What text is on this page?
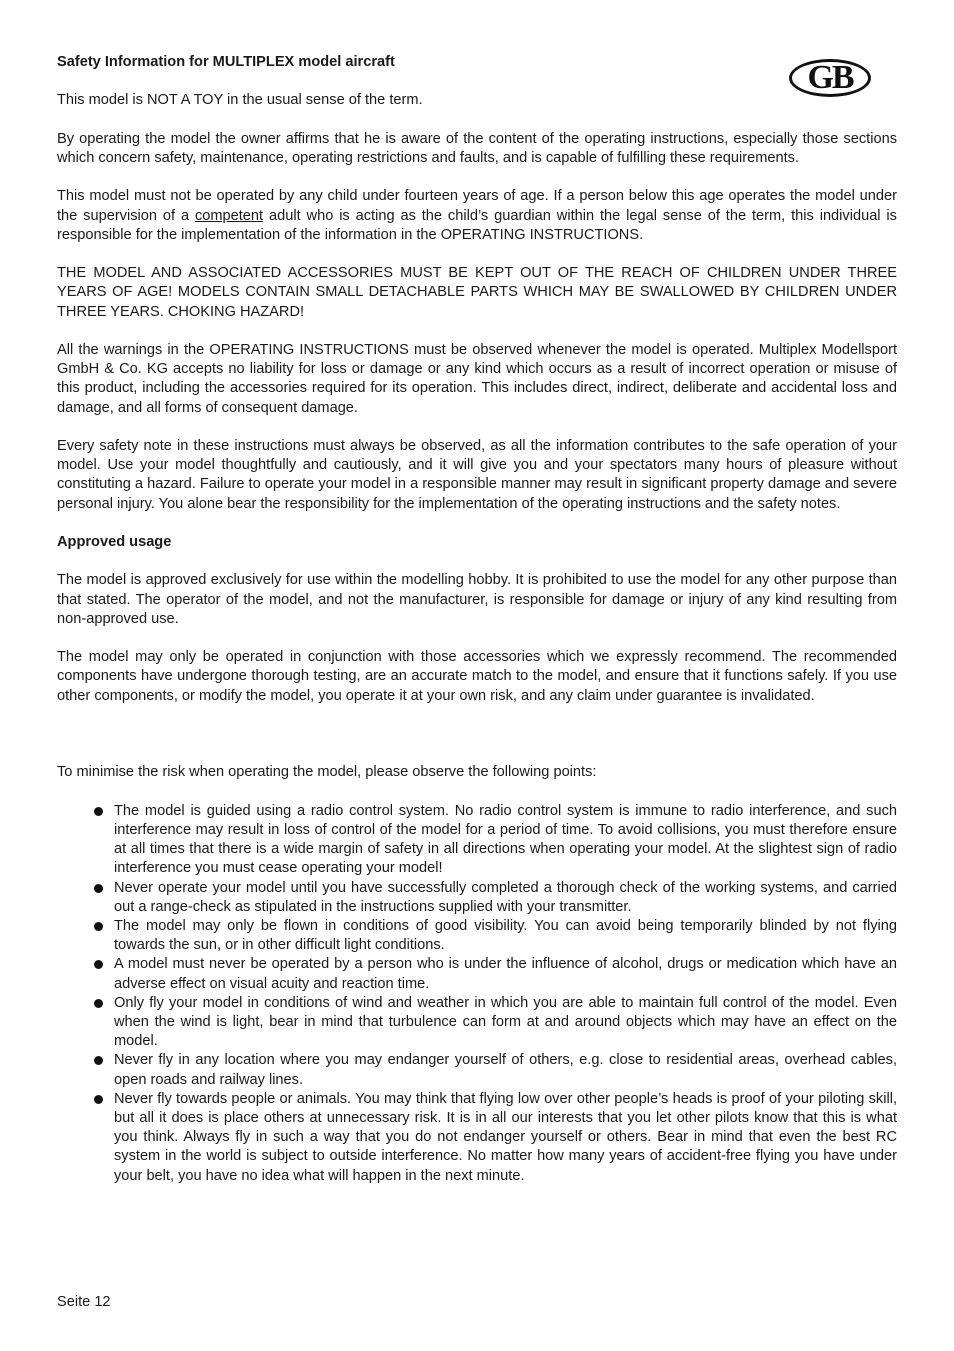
GB
Safety Information for MULTIPLEX model aircraft

This model is NOT A TOY in the usual sense of the term.

By operating the model the owner affirms that he is aware of the content of the operating instructions, especially those sections which concern safety, maintenance, operating restrictions and faults, and is capable of fulfilling these requirements.

This model must not be operated by any child under fourteen years of age. If a person below this age operates the model under the supervision of a competent adult who is acting as the child’s guardian within the legal sense of the term, this individual is responsible for the implementation of the information in the OPERATING INSTRUCTIONS.

THE MODEL AND ASSOCIATED ACCESSORIES MUST BE KEPT OUT OF THE REACH OF CHILDREN UNDER THREE YEARS OF AGE! MODELS CONTAIN SMALL DETACHABLE PARTS WHICH MAY BE SWALLOWED BY CHILDREN UNDER THREE YEARS. CHOKING HAZARD!

All the warnings in the OPERATING INSTRUCTIONS must be observed whenever the model is operated. Multiplex Modellsport GmbH & Co. KG accepts no liability for loss or damage or any kind which occurs as a result of incorrect operation or misuse of this product, including the accessories required for its operation. This includes direct, indirect, deliberate and accidental loss and damage, and all forms of consequent damage.

Every safety note in these instructions must always be observed, as all the information contributes to the safe operation of your model. Use your model thoughtfully and cautiously, and it will give you and your spectators many hours of pleasure without constituting a hazard. Failure to operate your model in a responsible manner may result in significant property damage and severe personal injury. You alone bear the responsibility for the implementation of the operating instructions and the safety notes.

Approved usage

The model is approved exclusively for use within the modelling hobby. It is prohibited to use the model for any other purpose than that stated. The operator of the model, and not the manufacturer, is responsible for damage or injury of any kind resulting from non-approved use.

The model may only be operated in conjunction with those accessories which we expressly recommend. The recommended components have undergone thorough testing, are an accurate match to the model, and ensure that it functions safely. If you use other components, or modify the model, you operate it at your own risk, and any claim under guarantee is invalidated.

To minimise the risk when operating the model, please observe the following points:

The model is guided using a radio control system. No radio control system is immune to radio interference, and such interference may result in loss of control of the model for a period of time. To avoid collisions, you must therefore ensure at all times that there is a wide margin of safety in all directions when operating your model. At the slightest sign of radio interference you must cease operating your model!
Never operate your model until you have successfully completed a thorough check of the working systems, and carried out a range-check as stipulated in the instructions supplied with your transmitter.
The model may only be flown in conditions of good visibility. You can avoid being temporarily blinded by not flying towards the sun, or in other difficult light conditions.
A model must never be operated by a person who is under the influence of alcohol, drugs or medication which have an adverse effect on visual acuity and reaction time.
Only fly your model in conditions of wind and weather in which you are able to maintain full control of the model. Even when the wind is light, bear in mind that turbulence can form at and around objects which may have an effect on the model.
Never fly in any location where you may endanger yourself of others, e.g. close to residential areas, overhead cables, open roads and railway lines.
Never fly towards people or animals. You may think that flying low over other people’s heads is proof of your piloting skill, but all it does is place others at unnecessary risk. It is in all our interests that you let other pilots know that this is what you think. Always fly in such a way that you do not endanger yourself or others. Bear in mind that even the best RC system in the world is subject to outside interference. No matter how many years of accident-free flying you have under your belt, you have no idea what will happen in the next minute.
Seite 12
